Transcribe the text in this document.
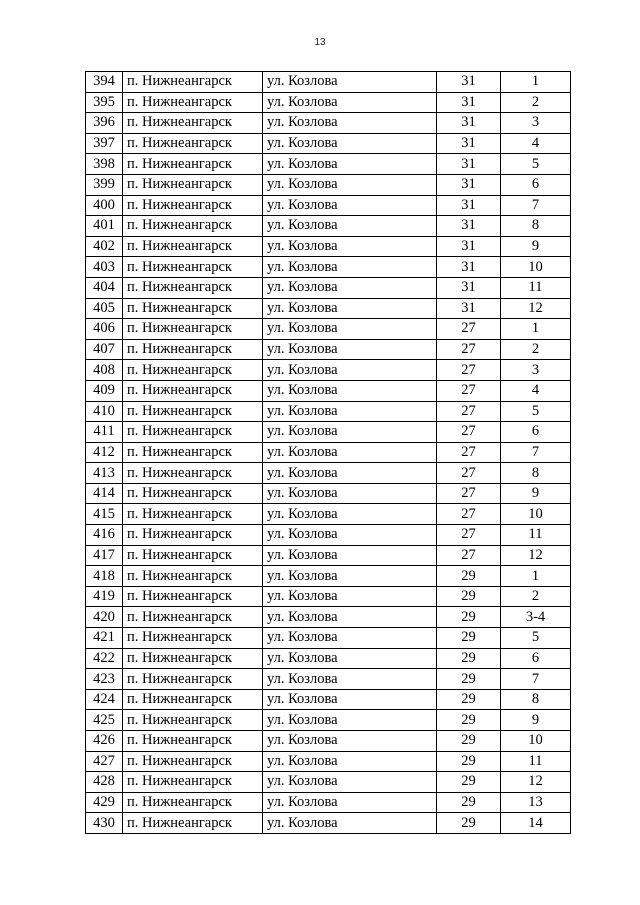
13
394	п. Нижнеангарск	ул. Козлова	31	1
395	п. Нижнеангарск	ул. Козлова	31	2
396	п. Нижнеангарск	ул. Козлова	31	3
397	п. Нижнеангарск	ул. Козлова	31	4
398	п. Нижнеангарск	ул. Козлова	31	5
399	п. Нижнеангарск	ул. Козлова	31	6
400	п. Нижнеангарск	ул. Козлова	31	7
401	п. Нижнеангарск	ул. Козлова	31	8
402	п. Нижнеангарск	ул. Козлова	31	9
403	п. Нижнеангарск	ул. Козлова	31	10
404	п. Нижнеангарск	ул. Козлова	31	11
405	п. Нижнеангарск	ул. Козлова	31	12
406	п. Нижнеангарск	ул. Козлова	27	1
407	п. Нижнеангарск	ул. Козлова	27	2
408	п. Нижнеангарск	ул. Козлова	27	3
409	п. Нижнеангарск	ул. Козлова	27	4
410	п. Нижнеангарск	ул. Козлова	27	5
411	п. Нижнеангарск	ул. Козлова	27	6
412	п. Нижнеангарск	ул. Козлова	27	7
413	п. Нижнеангарск	ул. Козлова	27	8
414	п. Нижнеангарск	ул. Козлова	27	9
415	п. Нижнеангарск	ул. Козлова	27	10
416	п. Нижнеангарск	ул. Козлова	27	11
417	п. Нижнеангарск	ул. Козлова	27	12
418	п. Нижнеангарск	ул. Козлова	29	1
419	п. Нижнеангарск	ул. Козлова	29	2
420	п. Нижнеангарск	ул. Козлова	29	3-4
421	п. Нижнеангарск	ул. Козлова	29	5
422	п. Нижнеангарск	ул. Козлова	29	6
423	п. Нижнеангарск	ул. Козлова	29	7
424	п. Нижнеангарск	ул. Козлова	29	8
425	п. Нижнеангарск	ул. Козлова	29	9
426	п. Нижнеангарск	ул. Козлова	29	10
427	п. Нижнеангарск	ул. Козлова	29	11
428	п. Нижнеангарск	ул. Козлова	29	12
429	п. Нижнеангарск	ул. Козлова	29	13
430	п. Нижнеангарск	ул. Козлова	29	14
